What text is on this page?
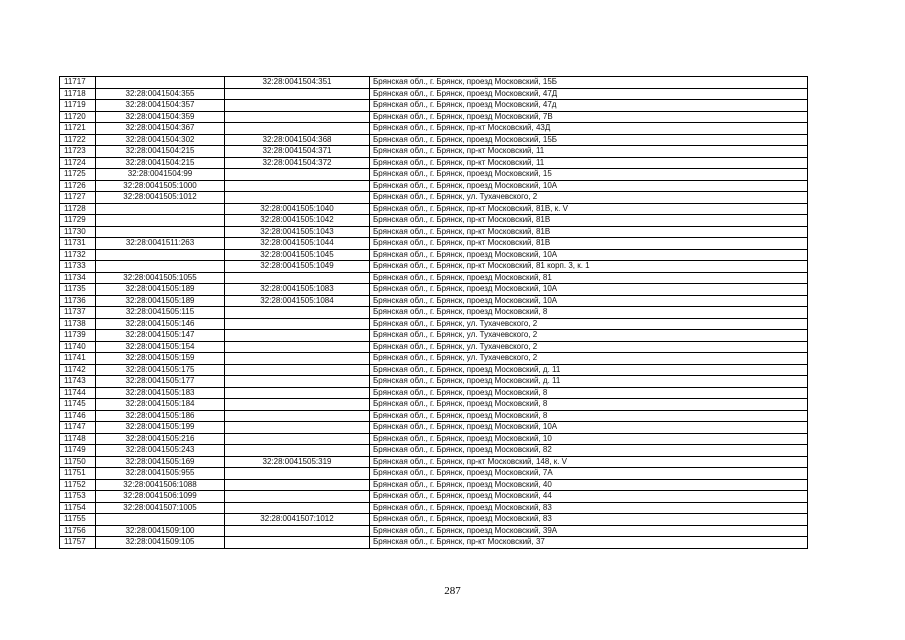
11717		32:28:0041504:351	Брянская обл., г. Брянск, проезд Московский, 15Б
11718	32:28:0041504:355		Брянская обл., г. Брянск, проезд Московский, 47Д
11719	32:28:0041504:357		Брянская обл., г. Брянск, проезд Московский, 47д
11720	32:28:0041504:359		Брянская обл., г. Брянск, проезд Московский, 7В
11721	32:28:0041504:367		Брянская обл., г. Брянск, пр-кт Московский, 43Д
11722	32:28:0041504:302	32:28:0041504:368	Брянская обл., г. Брянск, проезд Московский, 15Б
11723	32:28:0041504:215	32:28:0041504:371	Брянская обл., г. Брянск, пр-кт Московский, 11
11724	32:28:0041504:215	32:28:0041504:372	Брянская обл., г. Брянск, пр-кт Московский, 11
11725	32:28:0041504:99		Брянская обл., г. Брянск, проезд Московский, 15
11726	32:28:0041505:1000		Брянская обл., г. Брянск, проезд Московский, 10А
11727	32:28:0041505:1012		Брянская обл., г. Брянск, ул. Тухачевского, 2
11728		32:28:0041505:1040	Брянская обл., г. Брянск, пр-кт Московский, 81В, к. V
11729		32:28:0041505:1042	Брянская обл., г. Брянск, пр-кт Московский, 81В
11730		32:28:0041505:1043	Брянская обл., г. Брянск, пр-кт Московский, 81В
11731	32:28:0041511:263	32:28:0041505:1044	Брянская обл., г. Брянск, пр-кт Московский, 81В
11732		32:28:0041505:1045	Брянская обл., г. Брянск, проезд Московский, 10А
11733		32:28:0041505:1049	Брянская обл., г. Брянск, пр-кт Московский, 81 корп. 3, к. 1
11734	32:28:0041505:1055		Брянская обл., г. Брянск, проезд Московский, 81
11735	32:28:0041505:189	32:28:0041505:1083	Брянская обл., г. Брянск, проезд Московский, 10А
11736	32:28:0041505:189	32:28:0041505:1084	Брянская обл., г. Брянск, проезд Московский, 10А
11737	32:28:0041505:115		Брянская обл., г. Брянск, проезд Московский, 8
11738	32:28:0041505:146		Брянская обл., г. Брянск, ул. Тухачевского, 2
11739	32:28:0041505:147		Брянская обл., г. Брянск, ул. Тухачевского, 2
11740	32:28:0041505:154		Брянская обл., г. Брянск, ул. Тухачевского, 2
11741	32:28:0041505:159		Брянская обл., г. Брянск, ул. Тухачевского, 2
11742	32:28:0041505:175		Брянская обл., г. Брянск, проезд Московский, д. 11
11743	32:28:0041505:177		Брянская обл., г. Брянск, проезд Московский, д. 11
11744	32:28:0041505:183		Брянская обл., г. Брянск, проезд Московский, 8
11745	32:28:0041505:184		Брянская обл., г. Брянск, проезд Московский, 8
11746	32:28:0041505:186		Брянская обл., г. Брянск, проезд Московский, 8
11747	32:28:0041505:199		Брянская обл., г. Брянск, проезд Московский, 10А
11748	32:28:0041505:216		Брянская обл., г. Брянск, проезд Московский, 10
11749	32:28:0041505:243		Брянская обл., г. Брянск, проезд Московский, 82
11750	32:28:0041505:169	32:28:0041505:319	Брянская обл., г. Брянск, пр-кт Московский, 148, к. V
11751	32:28:0041505:955		Брянская обл., г. Брянск, проезд Московский, 7А
11752	32:28:0041506:1088		Брянская обл., г. Брянск, проезд Московский, 40
11753	32:28:0041506:1099		Брянская обл., г. Брянск, проезд Московский, 44
11754	32:28:0041507:1005		Брянская обл., г. Брянск, проезд Московский, 83
11755		32:28:0041507:1012	Брянская обл., г. Брянск, проезд Московский, 83
11756	32:28:0041509:100		Брянская обл., г. Брянск, проезд Московский, 39А
11757	32:28:0041509:105		Брянская обл., г. Брянск, пр-кт Московский, 37
287
